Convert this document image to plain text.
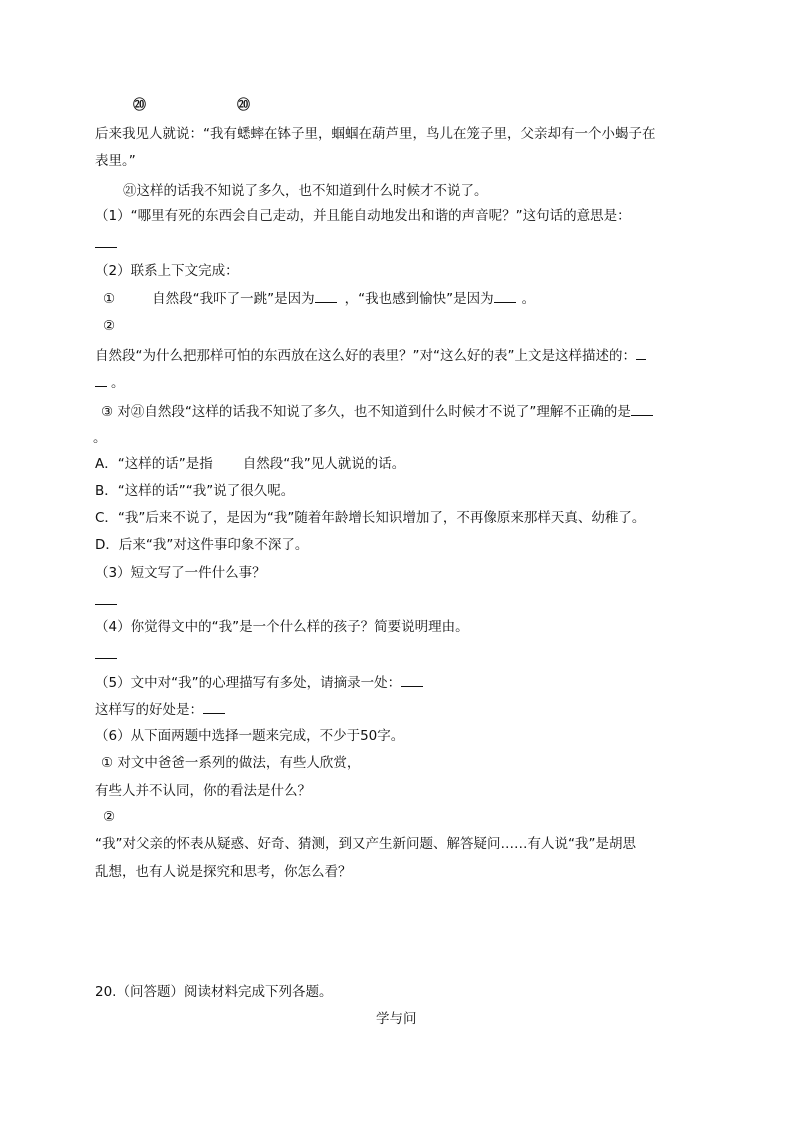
⑳	⑳
后来我见人就说：“我有蟋蟀在钵子里，蝈蝈在葫芦里，鸟儿在笼子里，父亲却有一个小蝎子在
表里。”
㉑这样的话我不知说了多久，也不知道到什么时候才不说了。
（1）“哪里有死的东西会自己走动，并且能自动地发出和谐的声音呢？”这句话的意思是：
（2）联系上下文完成：
①	自然段“我吓了一跳”是因为 ，“我也感到愉快”是因为 。
②
自然段“为什么把那样可怕的东西放在这么好的表里？”对“这么好的表”上文是这样描述的：
。
③ 对㉑自然段“这样的话我不知说了多久，也不知道到什么时候才不说了”理解不正确的是
。
A．“这样的话”是指 自然段“我”见人就说的话。
B．“这样的话”“我”说了很久呢。
C．“我”后来不说了，是因为“我”随着年龄增长知识增加了，不再像原来那样天真、幼稚了。
D．后来“我”对这件事印象不深了。
（3）短文写了一件什么事？
（4）你觉得文中的“我”是一个什么样的孩子？简要说明理由。
（5）文中对“我”的心理描写有多处，请摘录一处：
这样写的好处是：
（6）从下面两题中选择一题来完成，不少于50字。
① 对文中爸爸一系列的做法，有些人欣赏，
有些人并不认同，你的看法是什么？
②
“我”对父亲的怀表从疑惑、好奇、猜测，到又产生新问题、解答疑问……有人说“我”是胡思
乱想，也有人说是探究和思考，你怎么看？
20.（问答题）阅读材料完成下列各题。
学与问
